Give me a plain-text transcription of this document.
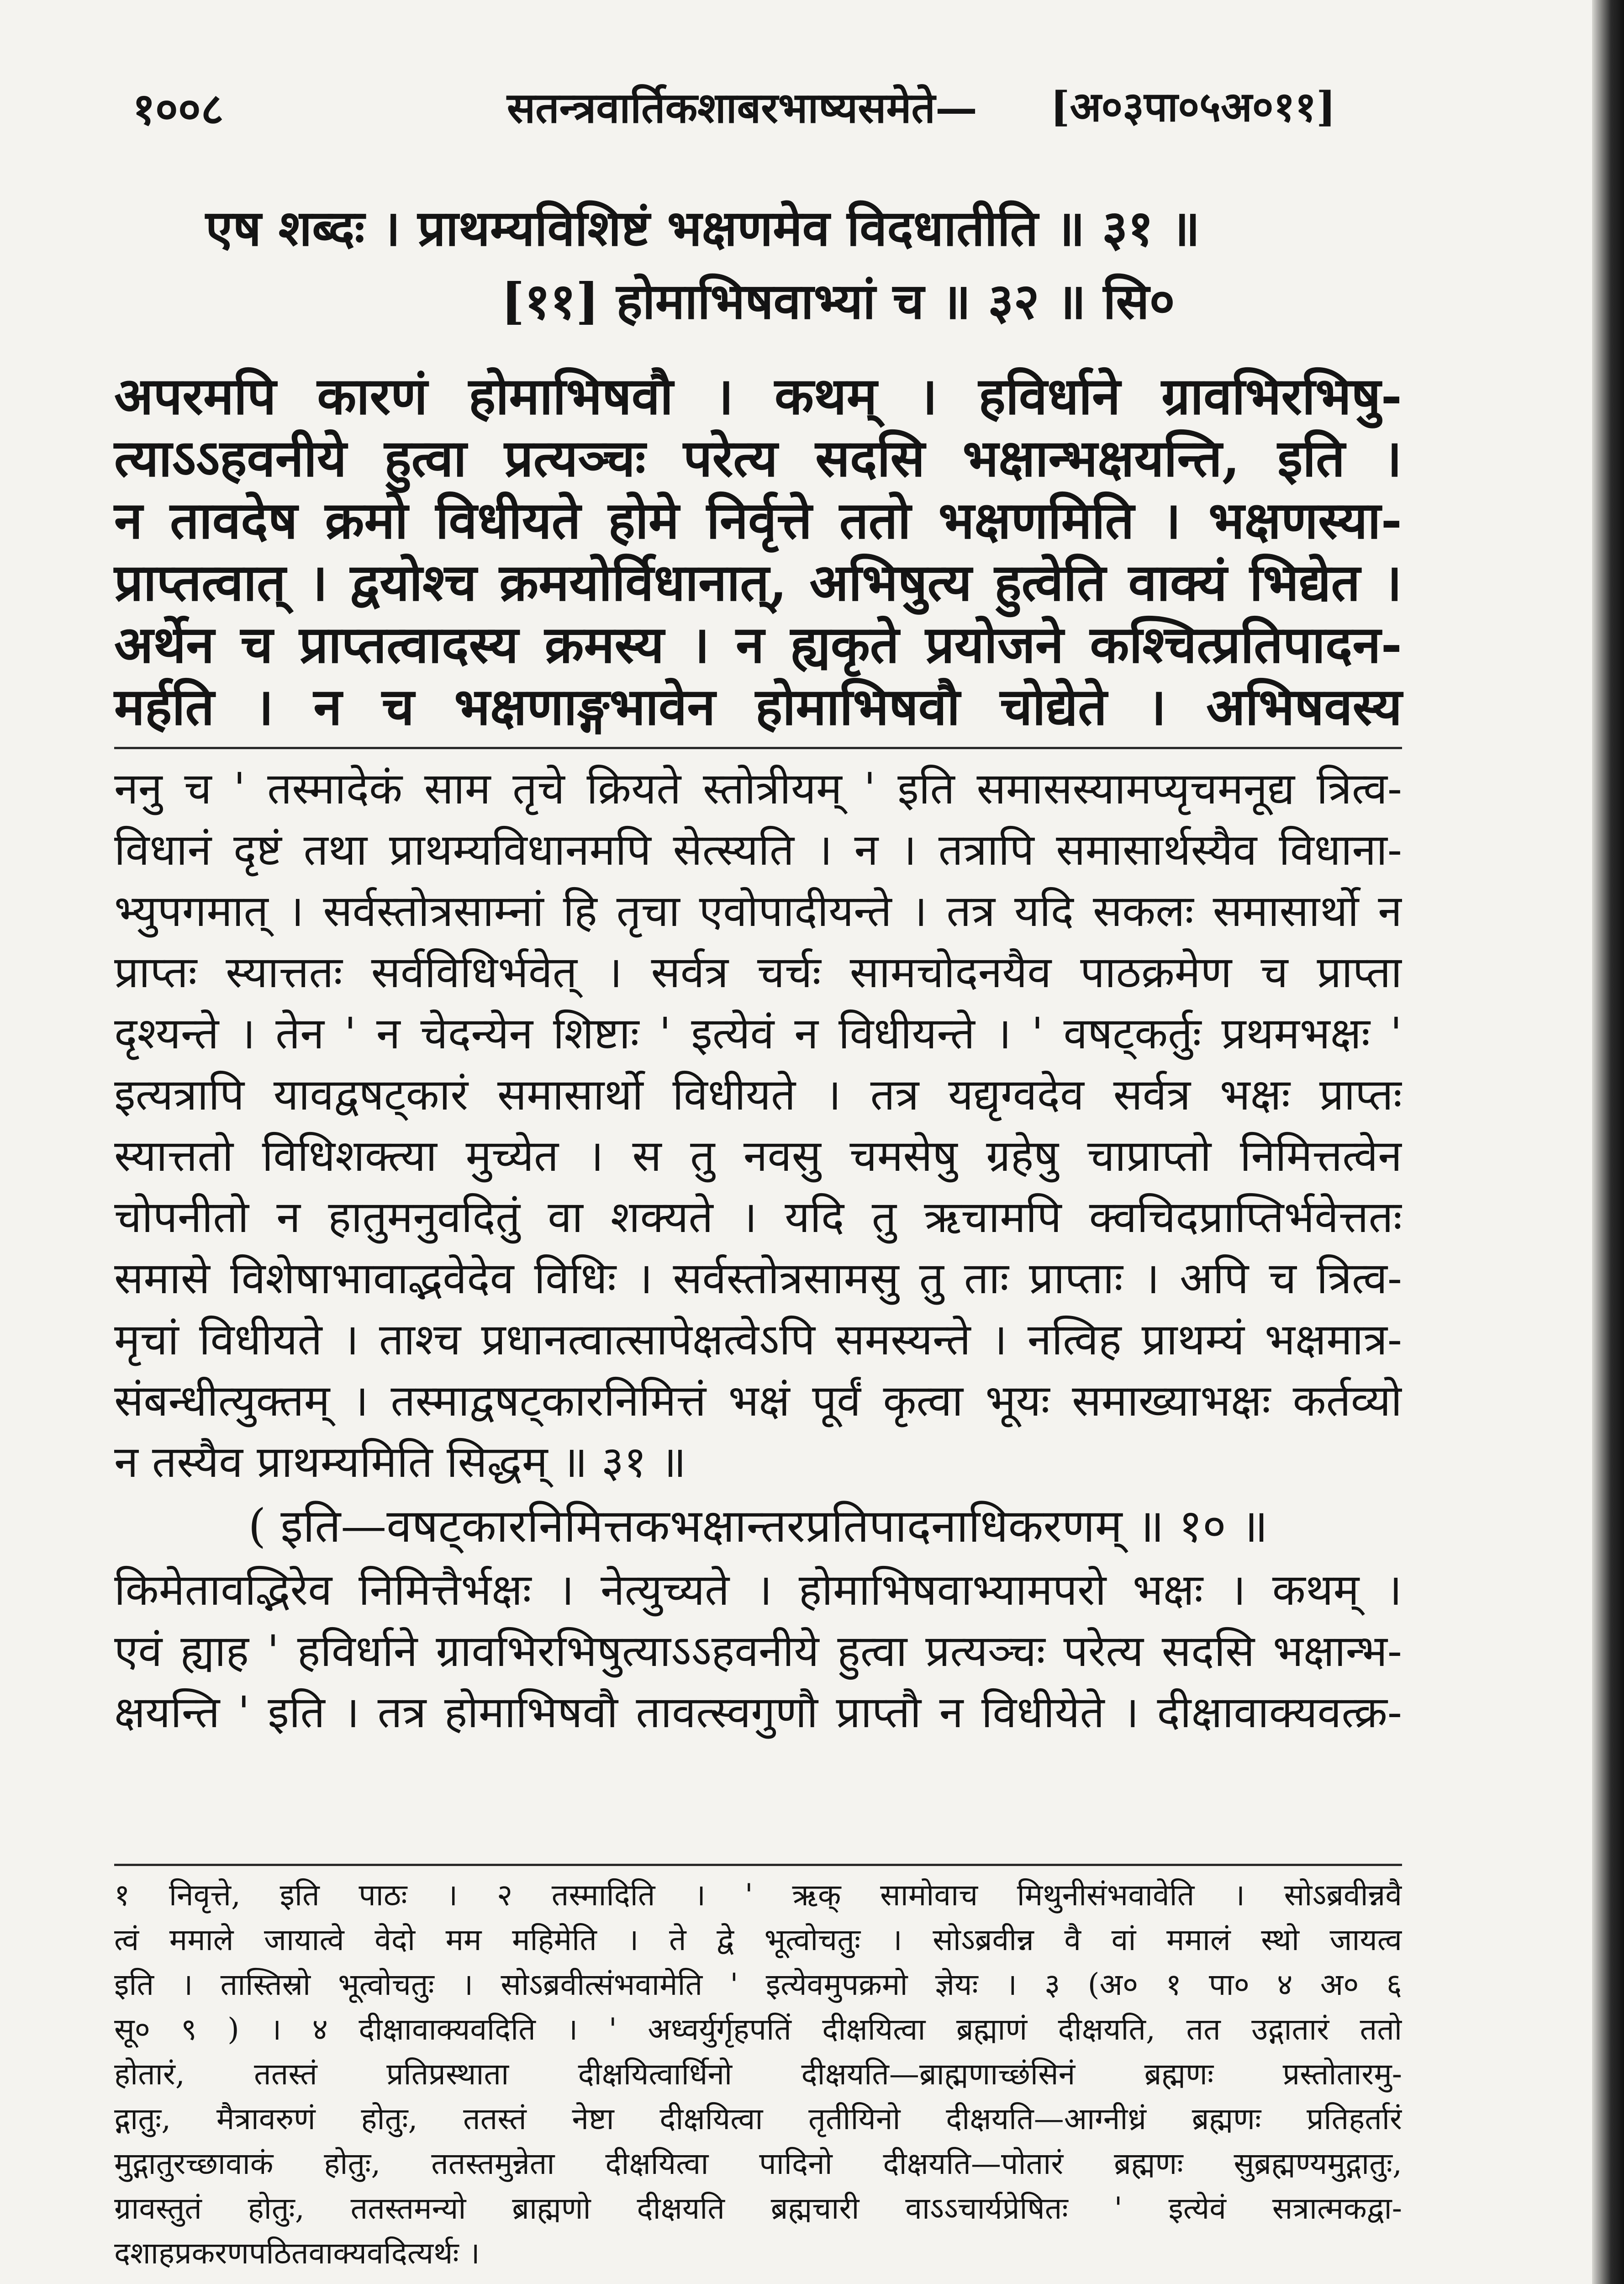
१००८	सतन्त्रवार्तिकशाबरभाष्यसमेते— [अ०३पा०५अ०११]
एष शब्दः । प्राथम्यविशिष्टं भक्षणमेव विदधातीति ॥ ३१ ॥
[११] होमाभिषवाभ्यां च ॥ ३२ ॥ सि०

अपरमपि कारणं होमाभिषवौ । कथम् । हविर्धाने ग्रावभिरभिषु-

त्याऽऽहवनीये हुत्वा प्रत्यञ्चः परेत्य सदसि भक्षान्भक्षयन्ति, इति ।

न तावदेष क्रमो विधीयते होमे निर्वृत्ते ततो भक्षणमिति । भक्षणस्या-

प्राप्तत्वात् । द्वयोश्च क्रमयोर्विधानात्, अभिषुत्य हुत्वेति वाक्यं भिद्येत ।

अर्थेन च प्राप्तत्वादस्य क्रमस्य । न ह्यकृते प्रयोजने कश्चित्प्रतिपादन-

मर्हति । न च भक्षणाङ्गभावेन होमाभिषवौ चोद्येते । अभिषवस्य

ननु च ' तस्मादेकं साम तृचे क्रियते स्तोत्रीयम् ' इति समासस्यामप्यृचमनूद्य त्रित्व-
विधानं दृष्टं तथा प्राथम्यविधानमपि सेत्स्यति । न । तत्रापि समासार्थस्यैव विधाना-
भ्युपगमात् । सर्वस्तोत्रसाम्नां हि तृचा एवोपादीयन्ते । तत्र यदि सकलः समासार्थो न
प्राप्तः स्यात्ततः सर्वविधिर्भवेत् । सर्वत्र चर्चः सामचोदनयैव पाठक्रमेण च प्राप्ता
दृश्यन्ते । तेन ' न चेदन्येन शिष्टाः ' इत्येवं न विधीयन्ते । ' वषट्कर्तुः प्रथमभक्षः '
इत्यत्रापि यावद्वषट्कारं समासार्थो विधीयते । तत्र यद्यृग्वदेव सर्वत्र भक्षः प्राप्तः
स्यात्ततो विधिशक्त्या मुच्येत । स तु नवसु चमसेषु ग्रहेषु चाप्राप्तो निमित्तत्वेन
चोपनीतो न हातुमनुवदितुं वा शक्यते । यदि तु ऋचामपि क्वचिदप्राप्तिर्भवेत्ततः
समासे विशेषाभावाद्भवेदेव विधिः । सर्वस्तोत्रसामसु तु ताः प्राप्ताः । अपि च त्रित्व-
मृचां विधीयते । ताश्च प्रधानत्वात्सापेक्षत्वेऽपि समस्यन्ते । नत्विह प्राथम्यं भक्षमात्र-
संबन्धीत्युक्तम् । तस्माद्वषट्कारनिमित्तं भक्षं पूर्वं कृत्वा भूयः समाख्याभक्षः कर्तव्यो
न तस्यैव प्राथम्यमिति सिद्धम् ॥ ३१ ॥
( इति—वषट्कारनिमित्तकभक्षान्तरप्रतिपादनाधिकरणम् ॥ १० ॥
किमेतावद्भिरेव निमित्तैर्भक्षः । नेत्युच्यते । होमाभिषवाभ्यामपरो भक्षः । कथम् ।
एवं ह्याह ' हविर्धाने ग्रावभिरभिषुत्याऽऽहवनीये हुत्वा प्रत्यञ्चः परेत्य सदसि भक्षान्भ-
क्षयन्ति ' इति । तत्र होमाभिषवौ तावत्स्वगुणौ प्राप्तौ न विधीयेते । दीक्षावाक्यवत्क्र-
१ निवृत्ते, इति पाठः । २ तस्मादिति । ' ऋक् सामोवाच मिथुनीसंभवावेति । सोऽब्रवीन्नवै
त्वं ममाले जायात्वे वेदो मम महिमेति । ते द्वे भूत्वोचतुः । सोऽब्रवीन्न वै वां ममालं स्थो जायत्व
इति । तास्तिस्रो भूत्वोचतुः । सोऽब्रवीत्संभवामेति ' इत्येवमुपक्रमो ज्ञेयः । ३ (अ० १ पा० ४ अ० ६
सू० ९ ) । ४ दीक्षावाक्यवदिति । ' अध्वर्युर्गृहपतिं दीक्षयित्वा ब्रह्माणं दीक्षयति, तत उद्गातारं ततो
होतारं, ततस्तं प्रतिप्रस्थाता दीक्षयित्वार्धिनो दीक्षयति—ब्राह्मणाच्छंसिनं ब्रह्मणः प्रस्तोतारमु-
द्गातुः, मैत्रावरुणं होतुः, ततस्तं नेष्टा दीक्षयित्वा तृतीयिनो दीक्षयति—आग्नीध्रं ब्रह्मणः प्रतिहर्तारं
मुद्गातुरच्छावाकं होतुः, ततस्तमुन्नेता दीक्षयित्वा पादिनो दीक्षयति—पोतारं ब्रह्मणः सुब्रह्मण्यमुद्गातुः,
ग्रावस्तुतं होतुः, ततस्तमन्यो ब्राह्मणो दीक्षयति ब्रह्मचारी वाऽऽचार्यप्रेषितः ' इत्येवं सत्रात्मकद्वा-
दशाहप्रकरणपठितवाक्यवदित्यर्थः ।
